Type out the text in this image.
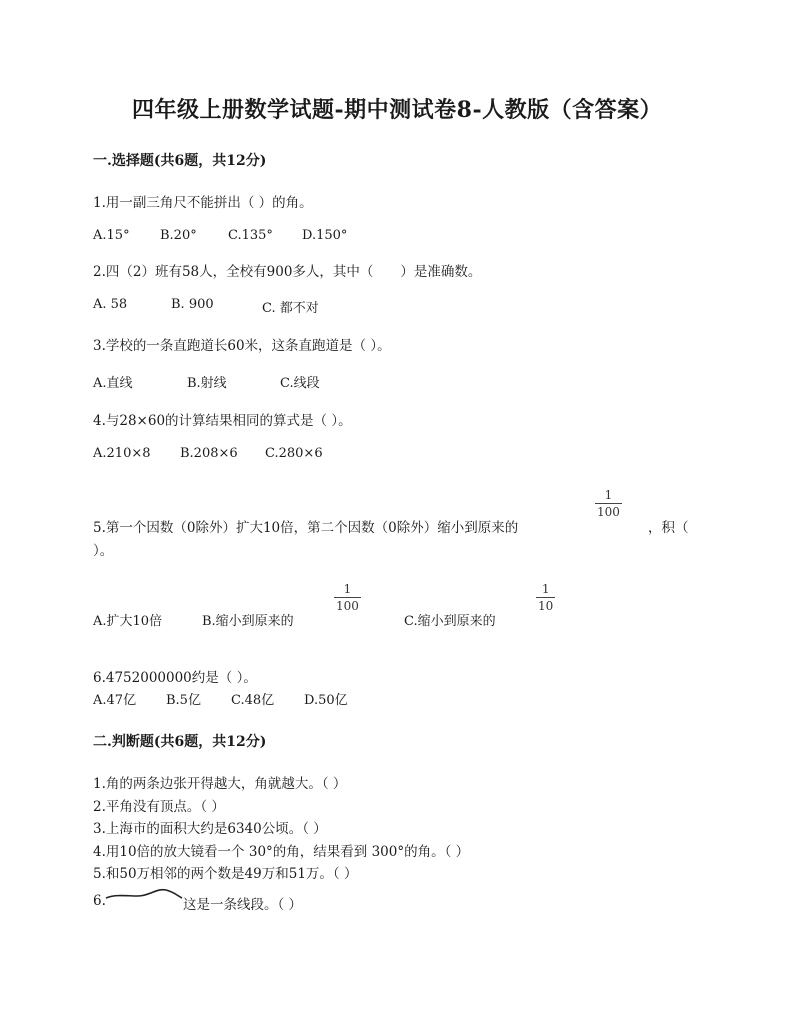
四年级上册数学试题-期中测试卷8-人教版（含答案）
一.选择题(共6题，共12分)
1.用一副三角尺不能拼出（ ）的角。
A.15° B.20° C.135° D.150°
2.四（2）班有58人，全校有900多人，其中（　　）是准确数。
A. 58	B. 900	C. 都不对
3.学校的一条直跑道长60米，这条直跑道是（ ）。
A.直线	B.射线	C.线段
4.与28×60的计算结果相同的算式是（ ）。
A.210×8 B.208×6 C.280×6
5.第一个因数（0除外）扩大10倍，第二个因数（0除外）缩小到原来的
1
100
，积（
）。
A.扩大10倍	B.缩小到原来的
1
100
C.缩小到原来的
1
10
6.4752000000约是（ ）。
A.47亿 B.5亿 C.48亿 D.50亿
二.判断题(共6题，共12分)
1.角的两条边张开得越大，角就越大。（ ）
2.平角没有顶点。（ ）
3.上海市的面积大约是6340公顷。（ ）
4.用10倍的放大镜看一个 30°的角，结果看到 300°的角。（ ）
5.和50万相邻的两个数是49万和51万。（ ）
6.	这是一条线段。（ ）
